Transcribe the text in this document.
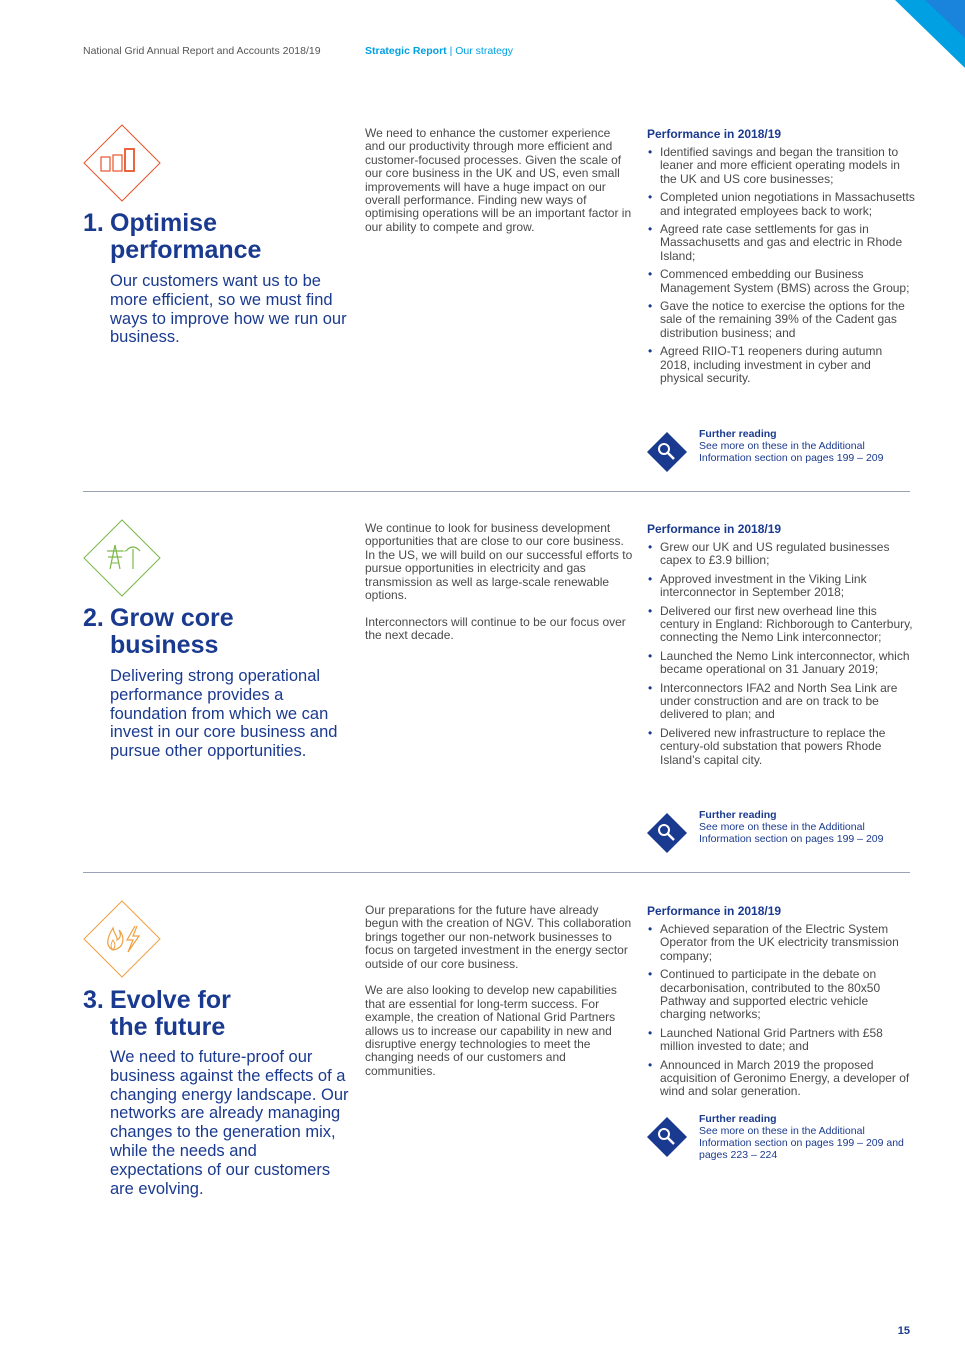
National Grid Annual Report and Accounts 2018/19	Strategic Report | Our strategy
1. Optimise
performance
Our customers want us to be more efficient, so we must find ways to improve how we run our business.

We need to enhance the customer experience and our productivity through more efficient and customer-focused processes. Given the scale of our core business in the UK and US, even small improvements will have a huge impact on our overall performance. Finding new ways of optimising operations will be an important factor in our ability to compete and grow.

Performance in 2018/19
• Identified savings and began the transition to leaner and more efficient operating models in the UK and US core businesses;
• Completed union negotiations in Massachusetts and integrated employees back to work;
• Agreed rate case settlements for gas in Massachusetts and gas and electric in Rhode Island;
• Commenced embedding our Business Management System (BMS) across the Group;
• Gave the notice to exercise the options for the sale of the remaining 39% of the Cadent gas distribution business; and
• Agreed RIIO-T1 reopeners during autumn 2018, including investment in cyber and physical security.
Further reading
See more on these in the Additional Information section on pages 199 – 209
2. Grow core
business
Delivering strong operational performance provides a foundation from which we can invest in our core business and pursue other opportunities.

We continue to look for business development opportunities that are close to our core business. In the US, we will build on our successful efforts to pursue opportunities in electricity and gas transmission as well as large-scale renewable options.

Interconnectors will continue to be our focus over the next decade.

Performance in 2018/19
• Grew our UK and US regulated businesses capex to £3.9 billion;
• Approved investment in the Viking Link interconnector in September 2018;
• Delivered our first new overhead line this century in England: Richborough to Canterbury, connecting the Nemo Link interconnector;
• Launched the Nemo Link interconnector, which became operational on 31 January 2019;
• Interconnectors IFA2 and North Sea Link are under construction and are on track to be delivered to plan; and
• Delivered new infrastructure to replace the century-old substation that powers Rhode Island’s capital city.
Further reading
See more on these in the Additional Information section on pages 199 – 209
3. Evolve for
the future
We need to future-proof our business against the effects of a changing energy landscape. Our networks are already managing changes to the generation mix, while the needs and expectations of our customers are evolving.

Our preparations for the future have already begun with the creation of NGV. This collaboration brings together our non-network businesses to focus on targeted investment in the energy sector outside of our core business.

We are also looking to develop new capabilities that are essential for long-term success. For example, the creation of National Grid Partners allows us to increase our capability in new and disruptive energy technologies to meet the changing needs of our customers and communities.

Performance in 2018/19
• Achieved separation of the Electric System Operator from the UK electricity transmission company;
• Continued to participate in the debate on decarbonisation, contributed to the 80x50 Pathway and supported electric vehicle charging networks;
• Launched National Grid Partners with £58 million invested to date; and
• Announced in March 2019 the proposed acquisition of Geronimo Energy, a developer of wind and solar generation.
Further reading
See more on these in the Additional Information section on pages 199 – 209 and pages 223 – 224
15
